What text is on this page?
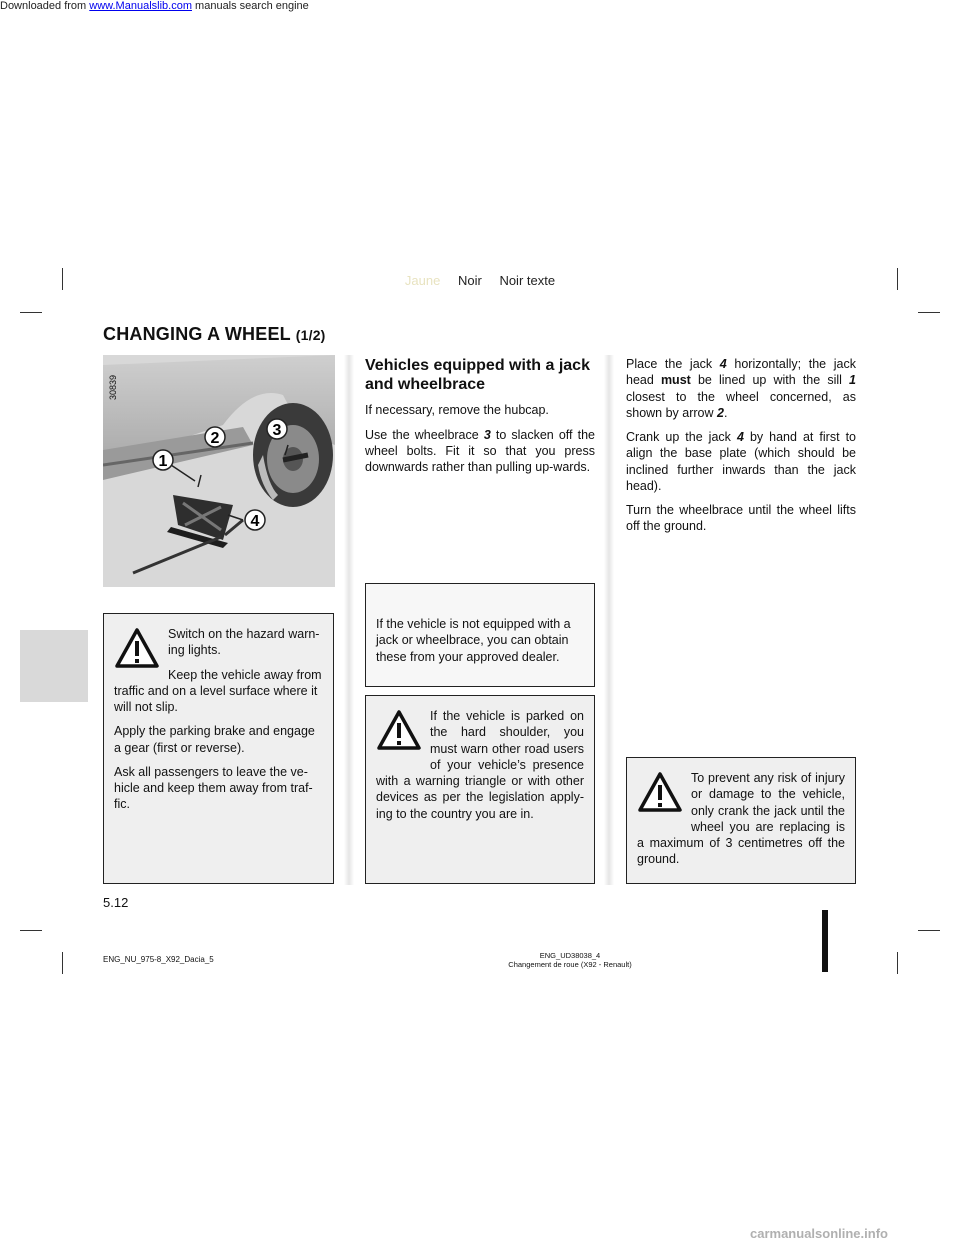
Downloaded from www.Manualslib.com manuals search engine
Jaune Noir Noir texte
CHANGING A WHEEL (1/2)
1
2	3
4
30839

Switch on the hazard warn-ing lights.

Keep the vehicle away from traffic and on a level surface where it will not slip.

Apply the parking brake and engage a gear (first or reverse).

Ask all passengers to leave the ve-hicle and keep them away from traf-fic.

Vehicles equipped with a jack and wheelbrace

If necessary, remove the hubcap.

Use the wheelbrace 3 to slacken off the wheel bolts. Fit it so that you press downwards rather than pulling up-wards.

If the vehicle is not equipped with a jack or wheelbrace, you can obtain these from your approved dealer.

If the vehicle is parked on the hard shoulder, you must warn other road users of your vehicle’s presence with a warning triangle or with other devices as per the legislation apply-ing to the country you are in.

Place the jack 4 horizontally; the jack head must be lined up with the sill 1 closest to the wheel concerned, as shown by arrow 2.

Crank up the jack 4 by hand at first to align the base plate (which should be inclined further inwards than the jack head).

Turn the wheelbrace until the wheel lifts off the ground.

To prevent any risk of injury or damage to the vehicle, only crank the jack until the wheel you are replacing is a maximum of 3 centimetres off the ground.

5.12
ENG_NU_975-8_X92_Dacia_5	ENG_UD38038_4
Changement de roue (X92 - Renault)
carmanualsonline.info
